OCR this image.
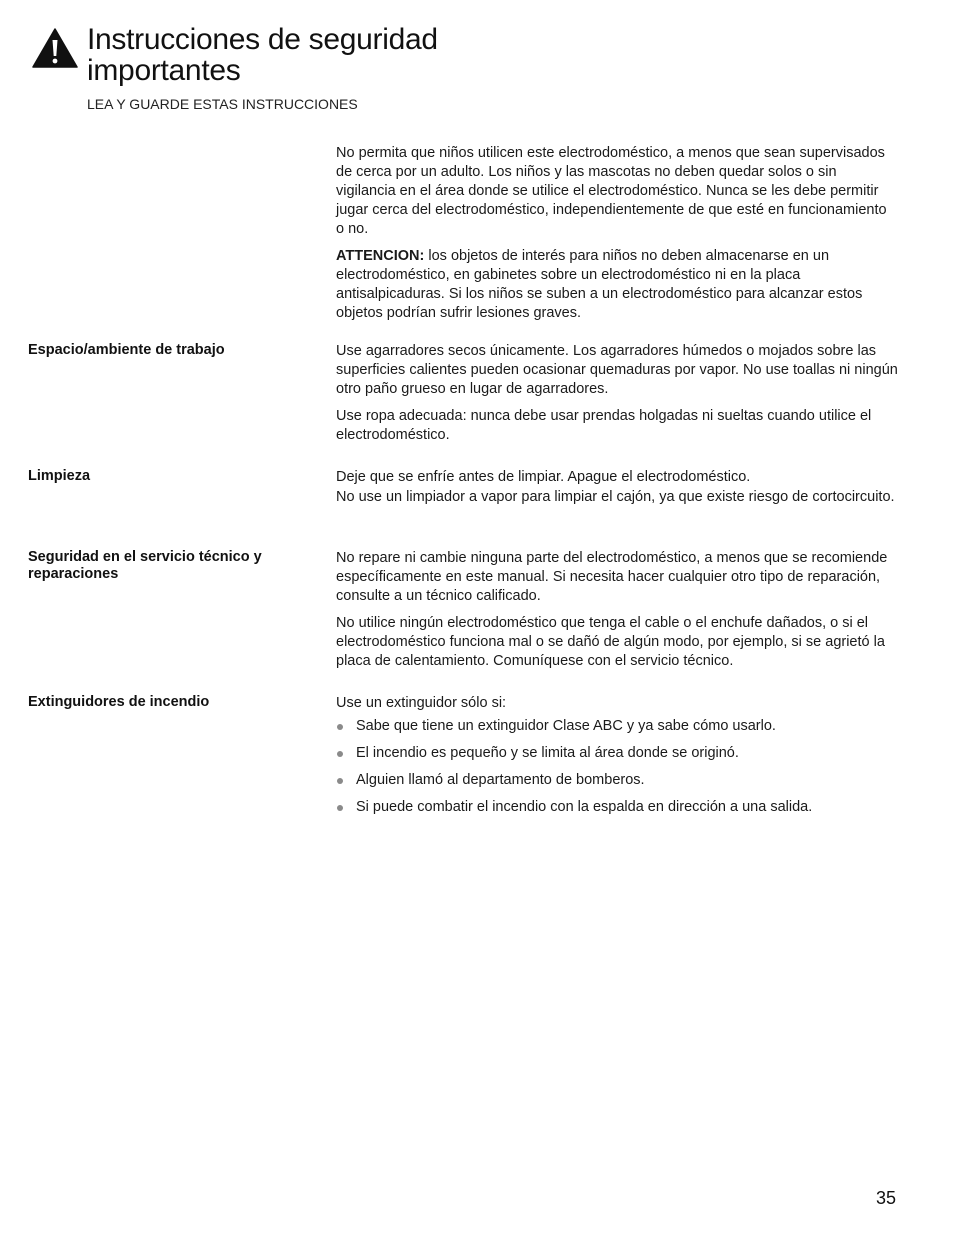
Instrucciones de seguridad
importantes
LEA Y GUARDE ESTAS INSTRUCCIONES

No permita que niños utilicen este electrodoméstico, a menos que sean supervisados de cerca por un adulto. Los niños y las mascotas no deben quedar solos o sin vigilancia en el área donde se utilice el electrodoméstico. Nunca se les debe permitir jugar cerca del electrodoméstico, independientemente de que esté en funcionamiento o no.

ATTENCION: los objetos de interés para niños no deben almacenarse en un electrodoméstico, en gabinetes sobre un electrodoméstico ni en la placa antisalpicaduras. Si los niños se suben a un electrodoméstico para alcanzar estos objetos podrían sufrir lesiones graves.

Espacio/ambiente de trabajo	Use agarradores secos únicamente. Los agarradores húmedos o mojados sobre las superficies calientes pueden ocasionar quemaduras por vapor. No use toallas ni ningún otro paño grueso en lugar de agarradores.

Use ropa adecuada: nunca debe usar prendas holgadas ni sueltas cuando utilice el electrodoméstico.

Limpieza	Deje que se enfríe antes de limpiar. Apague el electrodoméstico.

No use un limpiador a vapor para limpiar el cajón, ya que existe riesgo de cortocircuito.

Seguridad en el servicio técnico y reparaciones

No repare ni cambie ninguna parte del electrodoméstico, a menos que se recomiende específicamente en este manual. Si necesita hacer cualquier otro tipo de reparación, consulte a un técnico calificado.

No utilice ningún electrodoméstico que tenga el cable o el enchufe dañados, o si el electrodoméstico funciona mal o se dañó de algún modo, por ejemplo, si se agrietó la placa de calentamiento. Comuníquese con el servicio técnico.

Extinguidores de incendio	Use un extinguidor sólo si:

Sabe que tiene un extinguidor Clase ABC y ya sabe cómo usarlo.
El incendio es pequeño y se limita al área donde se originó.
Alguien llamó al departamento de bomberos.
Si puede combatir el incendio con la espalda en dirección a una salida.
35
